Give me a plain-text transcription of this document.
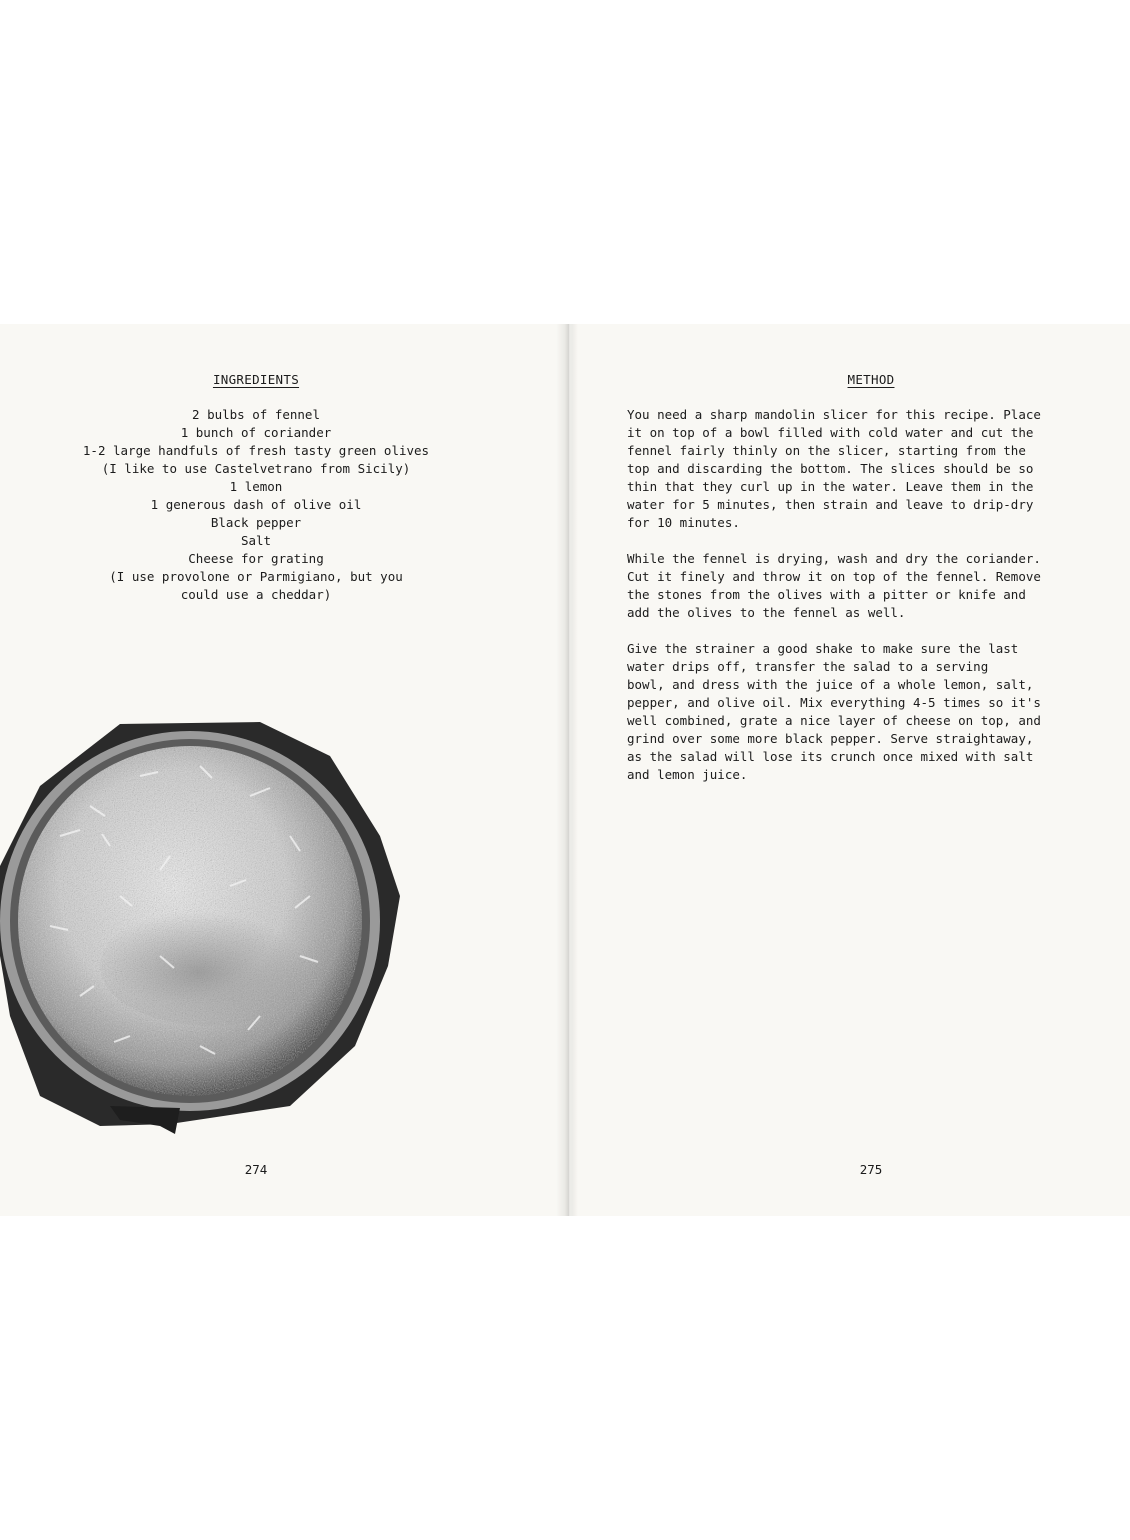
INGREDIENTS
2 bulbs of fennel
1 bunch of coriander
1-2 large handfuls of fresh tasty green olives
(I like to use Castelvetrano from Sicily)
1 lemon
1 generous dash of olive oil
Black pepper
Salt
Cheese for grating
(I use provolone or Parmigiano, but you
could use a cheddar)
274
METHOD

You need a sharp mandolin slicer for this recipe. Place
it on top of a bowl filled with cold water and cut the
fennel fairly thinly on the slicer, starting from the
top and discarding the bottom. The slices should be so
thin that they curl up in the water. Leave them in the
water for 5 minutes, then strain and leave to drip-dry
for 10 minutes.

While the fennel is drying, wash and dry the coriander.
Cut it finely and throw it on top of the fennel. Remove
the stones from the olives with a pitter or knife and
add the olives to the fennel as well.

Give the strainer a good shake to make sure the last
water drips off, transfer the salad to a serving
bowl, and dress with the juice of a whole lemon, salt,
pepper, and olive oil. Mix everything 4-5 times so it's
well combined, grate a nice layer of cheese on top, and
grind over some more black pepper. Serve straightaway,
as the salad will lose its crunch once mixed with salt
and lemon juice.

275
